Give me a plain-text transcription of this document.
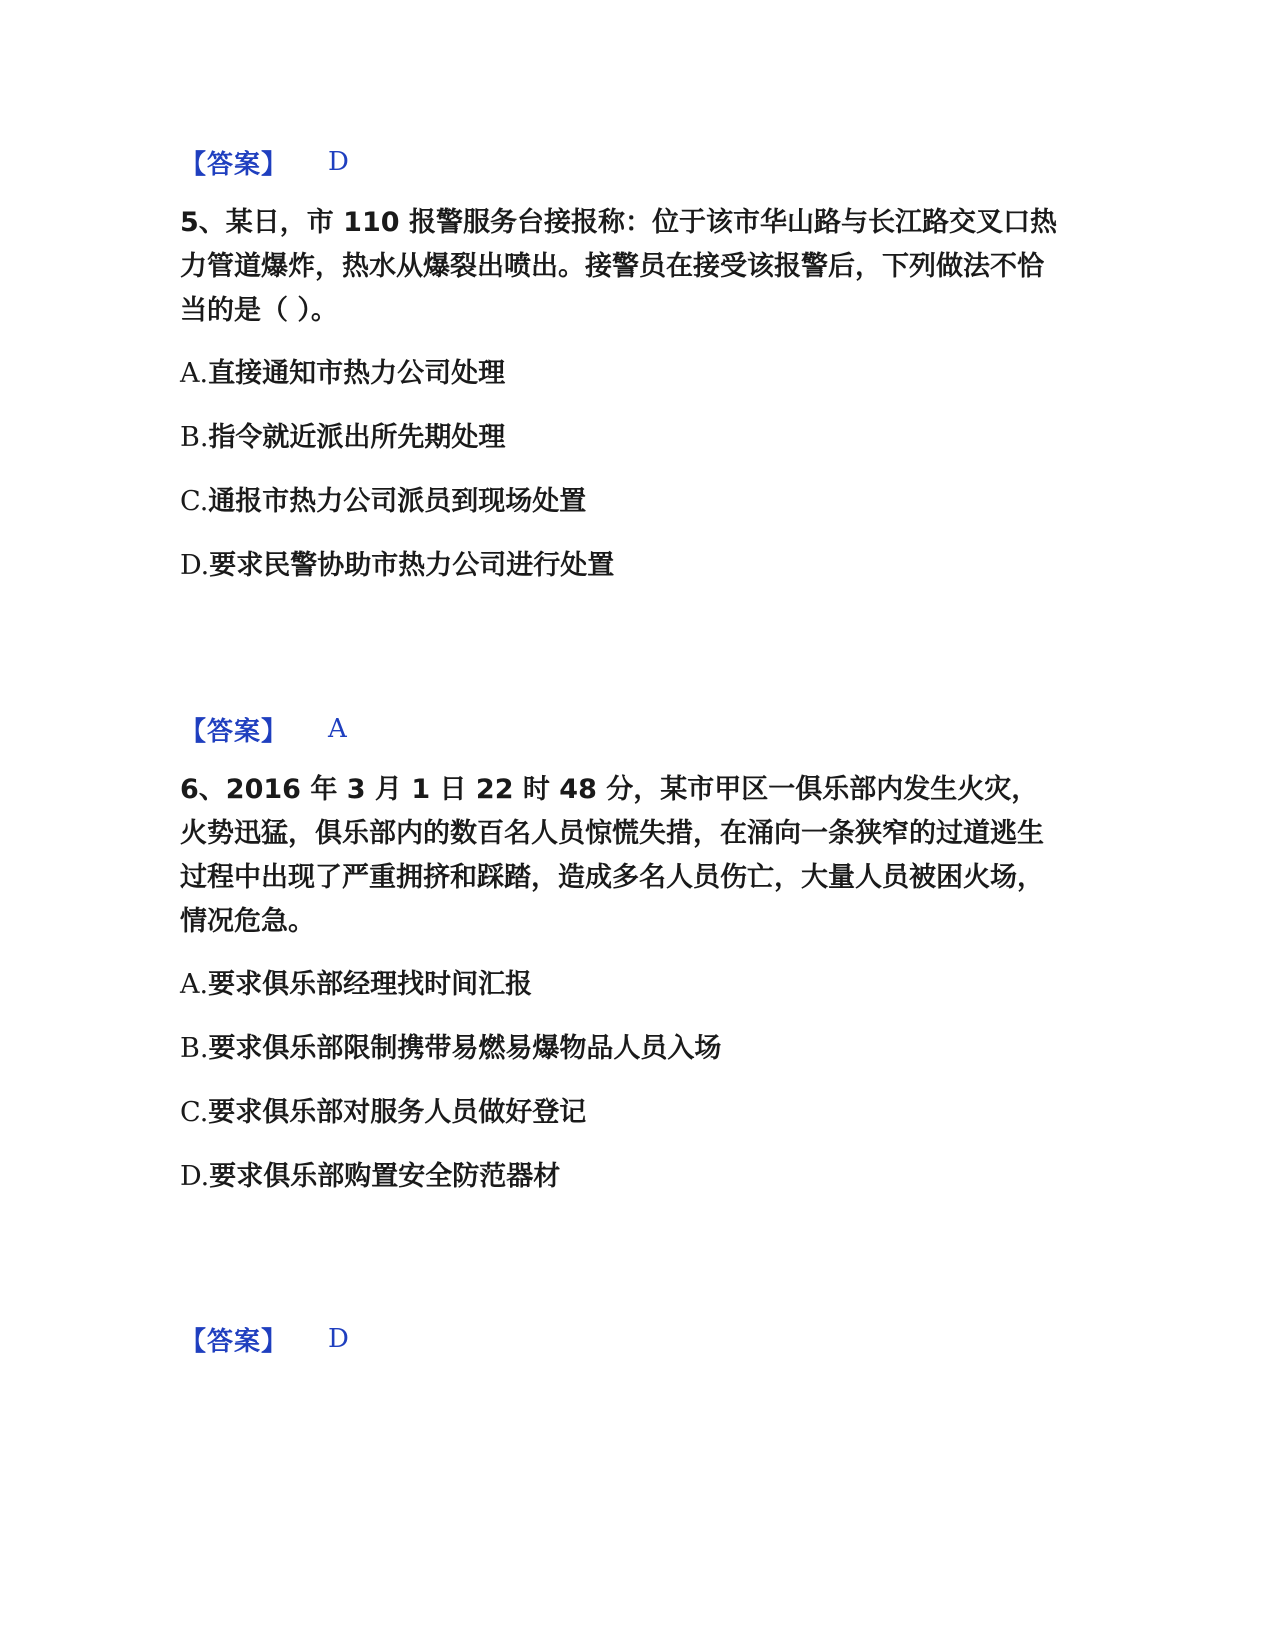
【答案】 D

5、某日，市 110 报警服务台接报称：位于该市华山路与长江路交叉口热力管道爆炸，热水从爆裂出喷出。接警员在接受该报警后，下列做法不恰当的是（ ）。

A.直接通知市热力公司处理
B.指令就近派出所先期处理
C.通报市热力公司派员到现场处置
D.要求民警协助市热力公司进行处置
【答案】 A

6、2016 年 3 月 1 日 22 时 48 分，某市甲区一俱乐部内发生火灾，火势迅猛，俱乐部内的数百名人员惊慌失措，在涌向一条狭窄的过道逃生过程中出现了严重拥挤和踩踏，造成多名人员伤亡，大量人员被困火场，情况危急。

A.要求俱乐部经理找时间汇报
B.要求俱乐部限制携带易燃易爆物品人员入场
C.要求俱乐部对服务人员做好登记
D.要求俱乐部购置安全防范器材
【答案】 D
